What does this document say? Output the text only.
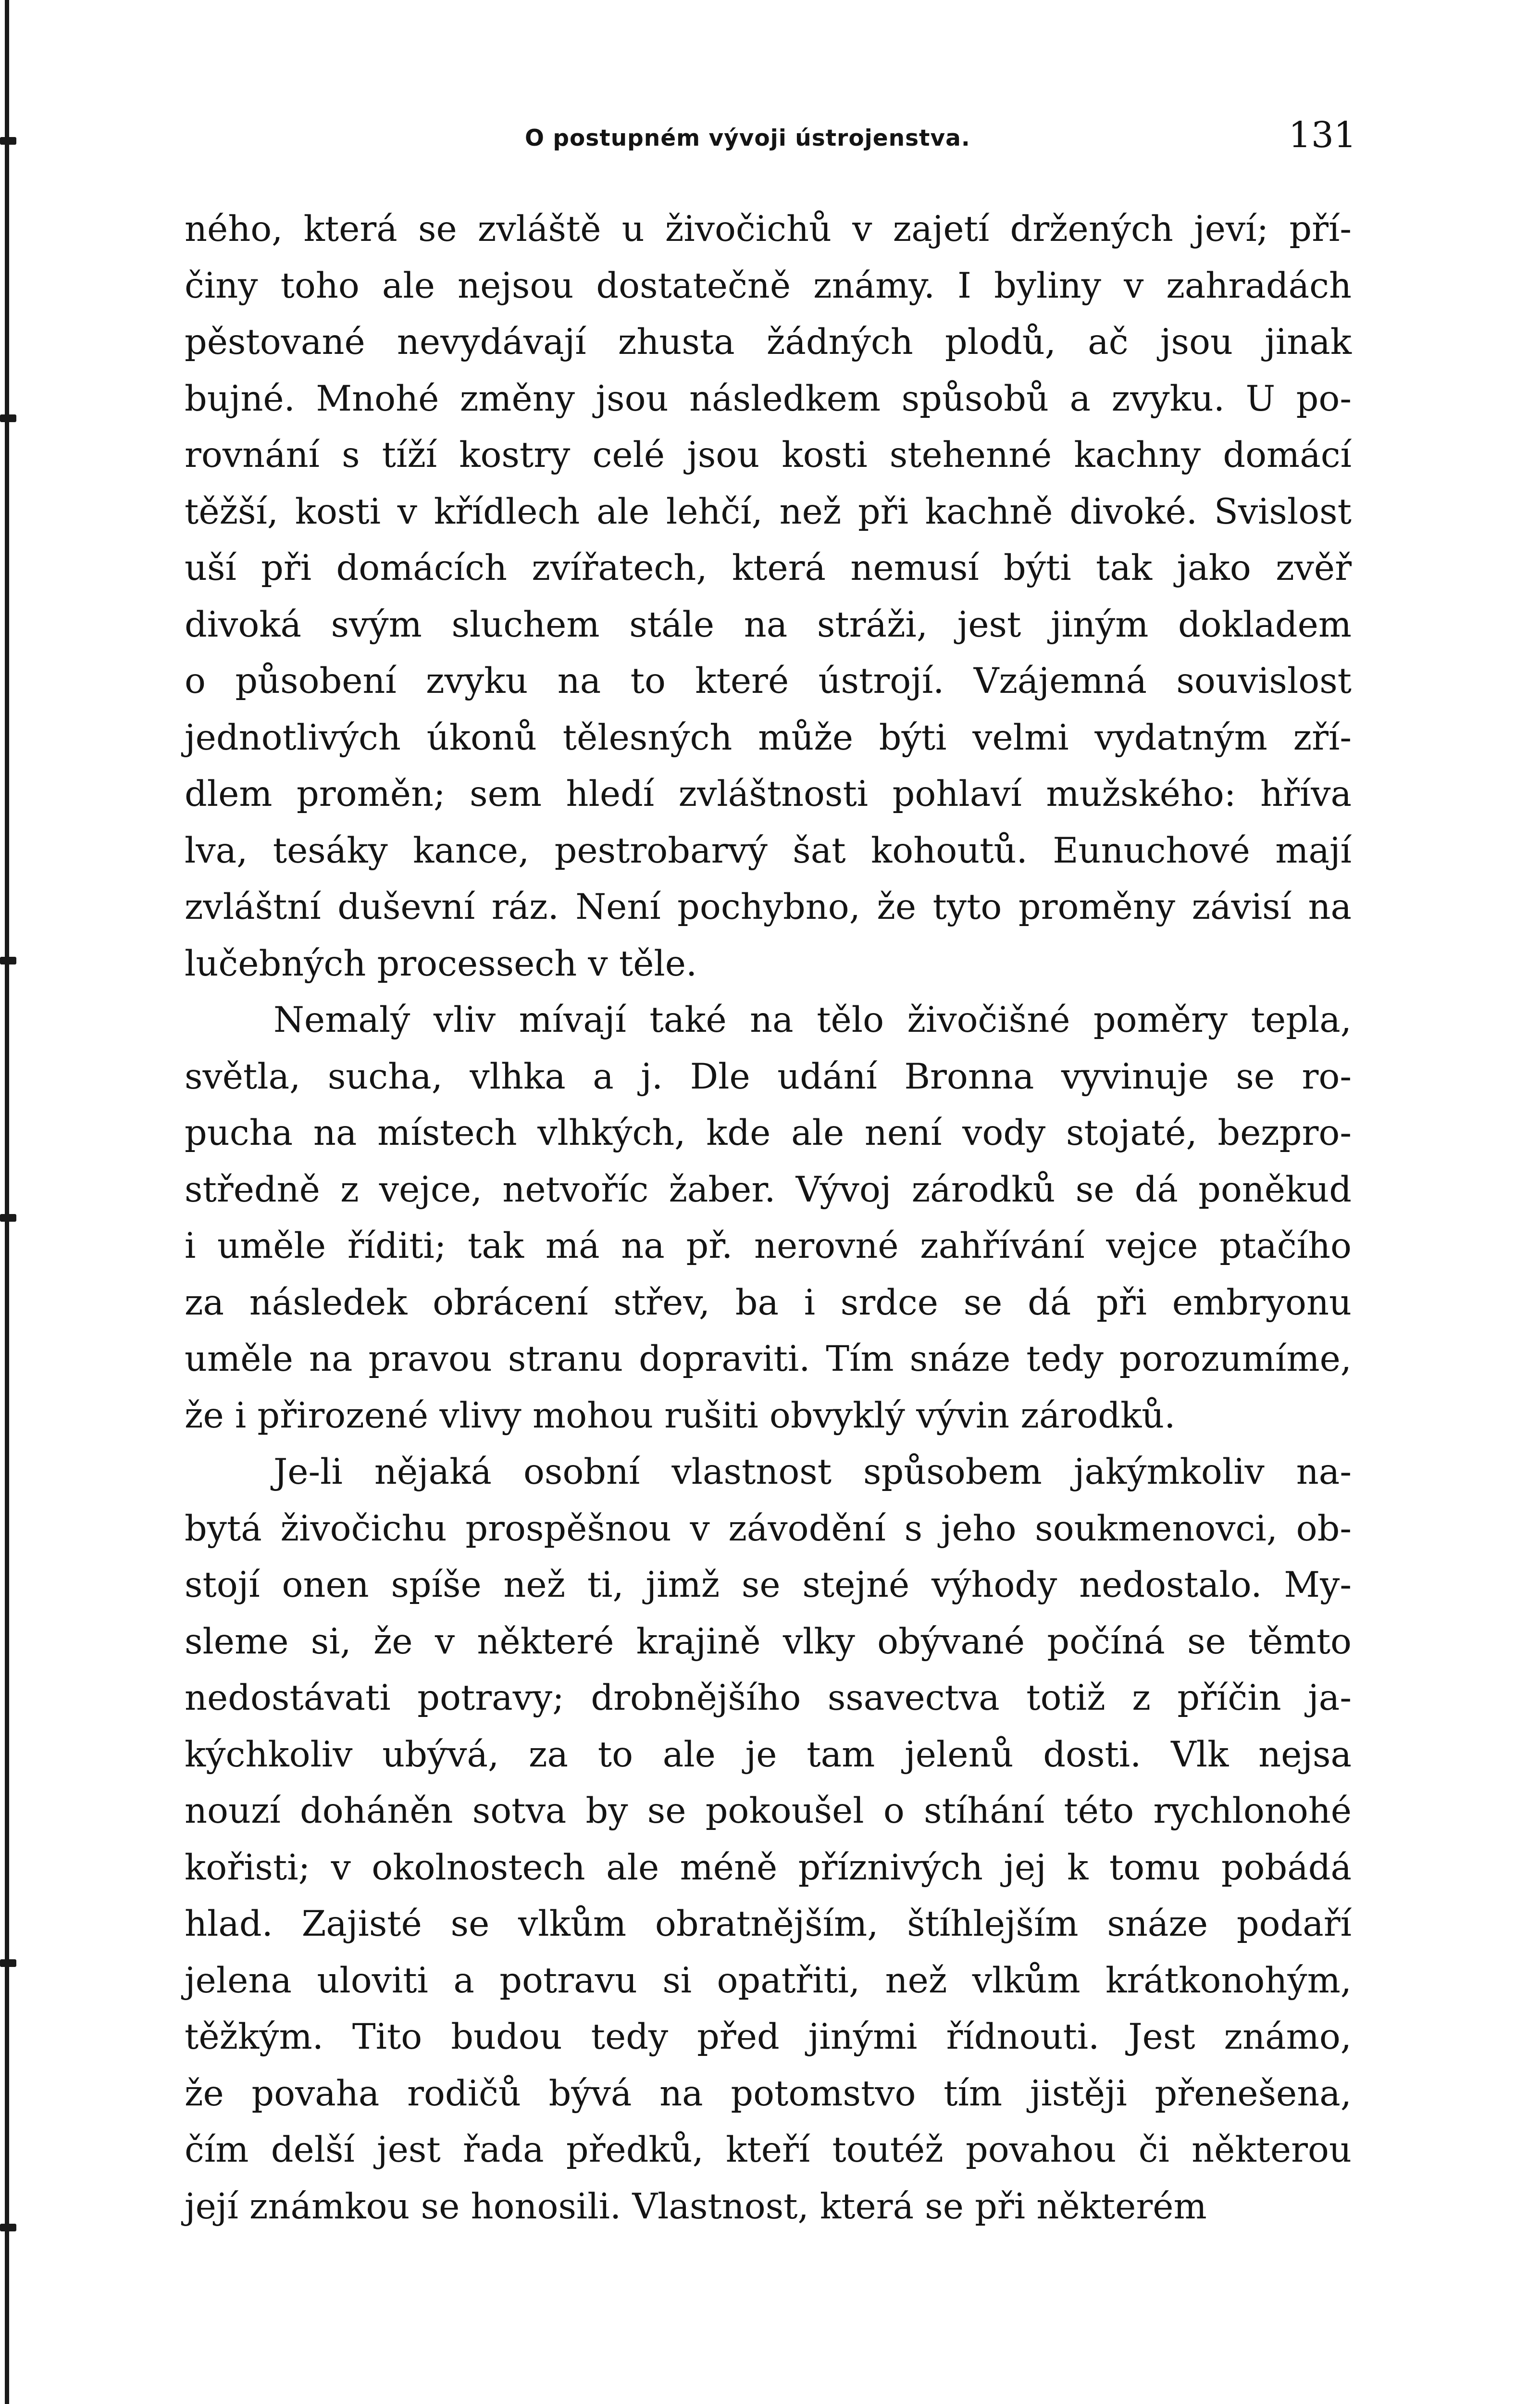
O postupném vývoji ústrojenstva.	131
ného, která se zvláště u živočichů v zajetí držených jeví; pří-
činy toho ale nejsou dostatečně známy. I byliny v zahradách
pěstované nevydávají zhusta žádných plodů, ač jsou jinak
bujné. Mnohé změny jsou následkem spůsobů a zvyku. U po-
rovnání s tíží kostry celé jsou kosti stehenné kachny domácí
těžší, kosti v křídlech ale lehčí, než při kachně divoké. Svislost
uší při domácích zvířatech, která nemusí býti tak jako zvěř
divoká svým sluchem stále na stráži, jest jiným dokladem
o působení zvyku na to které ústrojí. Vzájemná souvislost
jednotlivých úkonů tělesných může býti velmi vydatným zří-
dlem proměn; sem hledí zvláštnosti pohlaví mužského: hříva
lva, tesáky kance, pestrobarvý šat kohoutů. Eunuchové mají
zvláštní duševní ráz. Není pochybno, že tyto proměny závisí na
lučebných processech v těle.
Nemalý vliv mívají také na tělo živočišné poměry tepla,
světla, sucha, vlhka a j. Dle udání Bronna vyvinuje se ro-
pucha na místech vlhkých, kde ale není vody stojaté, bezpro-
středně z vejce, netvoříc žaber. Vývoj zárodků se dá poněkud
i uměle říditi; tak má na př. nerovné zahřívání vejce ptačího
za následek obrácení střev, ba i srdce se dá při embryonu
uměle na pravou stranu dopraviti. Tím snáze tedy porozumíme,
že i přirozené vlivy mohou rušiti obvyklý vývin zárodků.
Je-li nějaká osobní vlastnost spůsobem jakýmkoliv na-
bytá živočichu prospěšnou v závodění s jeho soukmenovci, ob-
stojí onen spíše než ti, jimž se stejné výhody nedostalo. My-
sleme si, že v některé krajině vlky obývané počíná se těmto
nedostávati potravy; drobnějšího ssavectva totiž z příčin ja-
kýchkoliv ubývá, za to ale je tam jelenů dosti. Vlk nejsa
nouzí doháněn sotva by se pokoušel o stíhání této rychlonohé
kořisti; v okolnostech ale méně příznivých jej k tomu pobádá
hlad. Zajisté se vlkům obratnějším, štíhlejším snáze podaří
jelena uloviti a potravu si opatřiti, než vlkům krátkonohým,
těžkým. Tito budou tedy před jinými řídnouti. Jest známo,
že povaha rodičů bývá na potomstvo tím jistěji přenešena,
čím delší jest řada předků, kteří toutéž povahou či některou
její známkou se honosili. Vlastnost, která se při některém
